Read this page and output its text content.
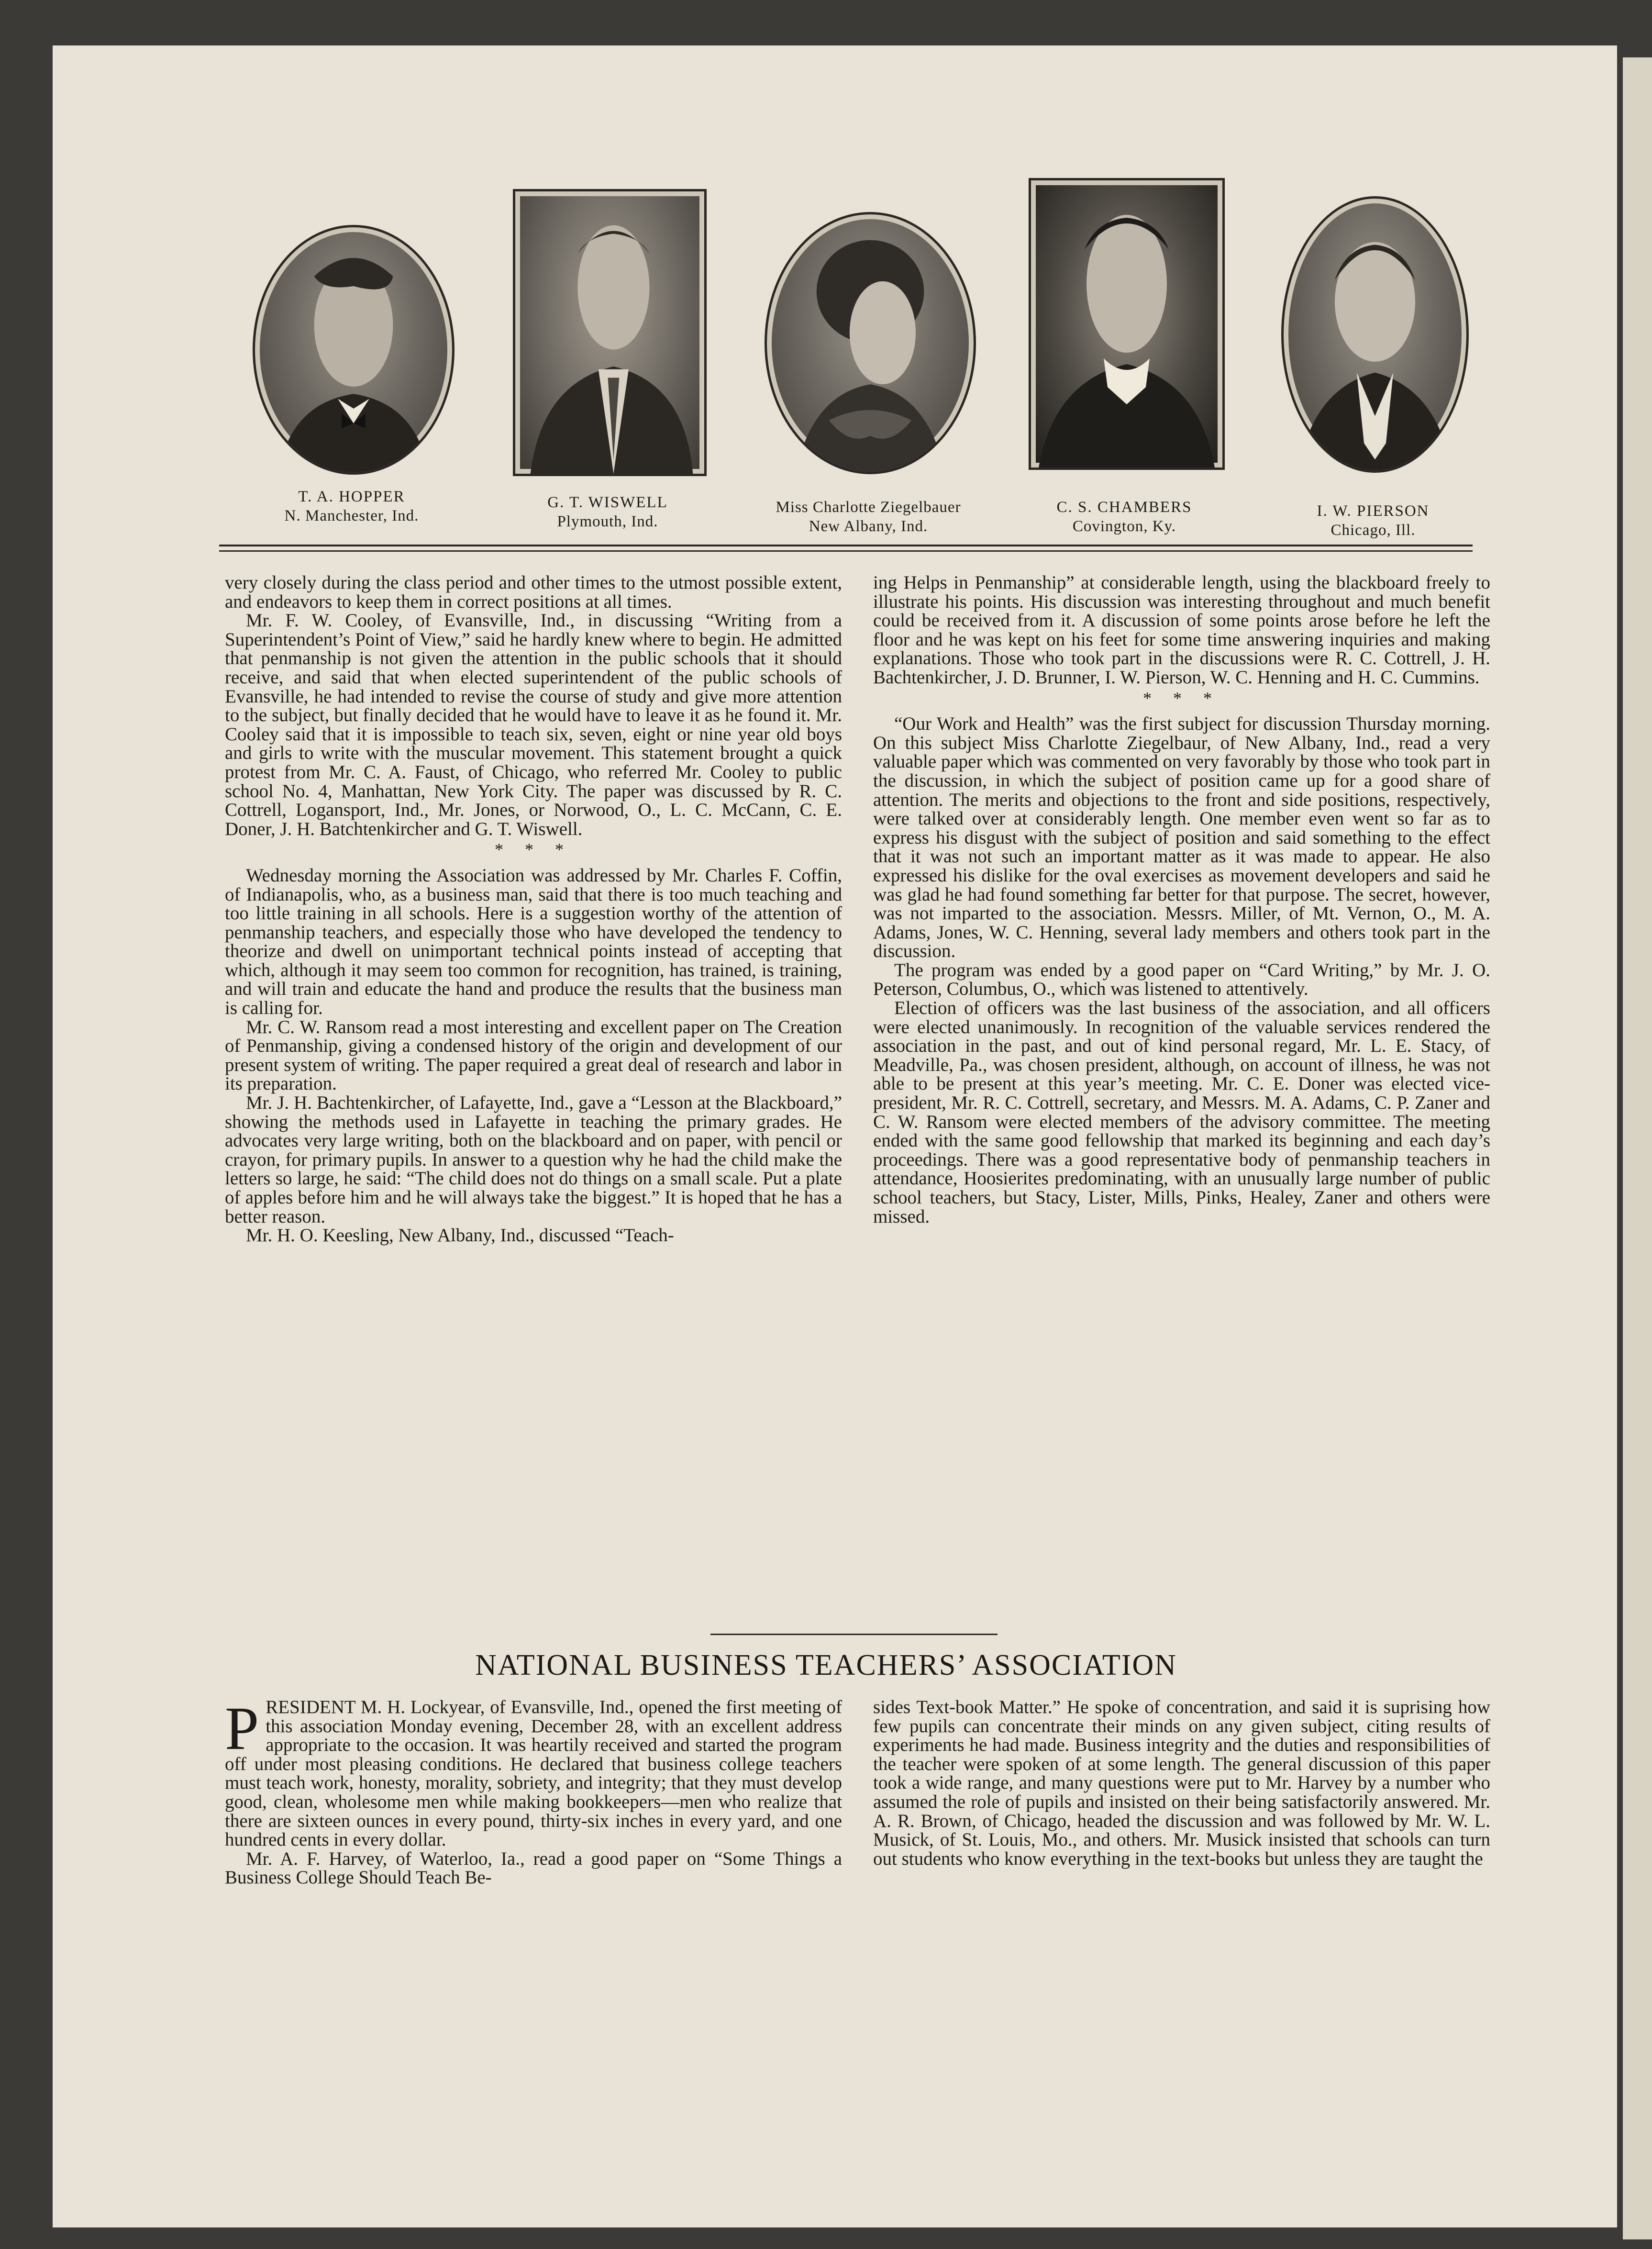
T. A. HOPPER
N. Manchester, Ind.
G. T. WISWELL
Plymouth, Ind.
Miss Charlotte Ziegelbauer
New Albany, Ind.
C. S. CHAMBERS
Covington, Ky.
I. W. PIERSON
Chicago, Ill.

very closely during the class period and other times to the utmost possible extent, and endeavors to keep them in correct positions at all times.

Mr. F. W. Cooley, of Evansville, Ind., in discussing “Writing from a Superintendent’s Point of View,” said he hardly knew where to begin. He admitted that penmanship is not given the attention in the public schools that it should receive, and said that when elected superintendent of the public schools of Evansville, he had intended to revise the course of study and give more attention to the subject, but finally decided that he would have to leave it as he found it. Mr. Cooley said that it is impossible to teach six, seven, eight or nine year old boys and girls to write with the muscular movement. This statement brought a quick protest from Mr. C. A. Faust, of Chicago, who referred Mr. Cooley to public school No. 4, Manhattan, New York City. The paper was discussed by R. C. Cottrell, Logansport, Ind., Mr. Jones, or Norwood, O., L. C. McCann, C. E. Doner, J. H. Batchtenkircher and G. T. Wiswell.

* * *

Wednesday morning the Association was addressed by Mr. Charles F. Coffin, of Indianapolis, who, as a business man, said that there is too much teaching and too little training in all schools. Here is a suggestion worthy of the attention of penmanship teachers, and especially those who have developed the tendency to theorize and dwell on unimportant technical points instead of accepting that which, although it may seem too common for recognition, has trained, is training, and will train and educate the hand and produce the results that the business man is calling for.

Mr. C. W. Ransom read a most interesting and excellent paper on The Creation of Penmanship, giving a condensed history of the origin and development of our present system of writing. The paper required a great deal of research and labor in its preparation.

Mr. J. H. Bachtenkircher, of Lafayette, Ind., gave a “Lesson at the Blackboard,” showing the methods used in Lafayette in teaching the primary grades. He advocates very large writing, both on the blackboard and on paper, with pencil or crayon, for primary pupils. In answer to a question why he had the child make the letters so large, he said: “The child does not do things on a small scale. Put a plate of apples before him and he will always take the biggest.” It is hoped that he has a better reason.

Mr. H. O. Keesling, New Albany, Ind., discussed “Teach-

ing Helps in Penmanship” at considerable length, using the blackboard freely to illustrate his points. His discussion was interesting throughout and much benefit could be received from it. A discussion of some points arose before he left the floor and he was kept on his feet for some time answering inquiries and making explanations. Those who took part in the discussions were R. C. Cottrell, J. H. Bachtenkircher, J. D. Brunner, I. W. Pierson, W. C. Henning and H. C. Cummins.

* * *

“Our Work and Health” was the first subject for discussion Thursday morning. On this subject Miss Charlotte Ziegelbaur, of New Albany, Ind., read a very valuable paper which was commented on very favorably by those who took part in the discussion, in which the subject of position came up for a good share of attention. The merits and objections to the front and side positions, respectively, were talked over at considerably length. One member even went so far as to express his disgust with the subject of position and said something to the effect that it was not such an important matter as it was made to appear. He also expressed his dislike for the oval exercises as movement developers and said he was glad he had found something far better for that purpose. The secret, however, was not imparted to the association. Messrs. Miller, of Mt. Vernon, O., M. A. Adams, Jones, W. C. Henning, several lady members and others took part in the discussion.

The program was ended by a good paper on “Card Writing,” by Mr. J. O. Peterson, Columbus, O., which was listened to attentively.

Election of officers was the last business of the association, and all officers were elected unanimously. In recognition of the valuable services rendered the association in the past, and out of kind personal regard, Mr. L. E. Stacy, of Meadville, Pa., was chosen president, although, on account of illness, he was not able to be present at this year’s meeting. Mr. C. E. Doner was elected vice-president, Mr. R. C. Cottrell, secretary, and Messrs. M. A. Adams, C. P. Zaner and C. W. Ransom were elected members of the advisory committee. The meeting ended with the same good fellowship that marked its beginning and each day’s proceedings. There was a good representative body of penmanship teachers in attendance, Hoosierites predominating, with an unusually large number of public school teachers, but Stacy, Lister, Mills, Pinks, Healey, Zaner and others were missed.

NATIONAL BUSINESS TEACHERS’ ASSOCIATION

PRESIDENT M. H. Lockyear, of Evansville, Ind., opened the first meeting of this association Monday evening, December 28, with an excellent address appropriate to the occasion. It was heartily received and started the program off under most pleasing conditions. He declared that business college teachers must teach work, honesty, morality, sobriety, and integrity; that they must develop good, clean, wholesome men while making bookkeepers—men who realize that there are sixteen ounces in every pound, thirty-six inches in every yard, and one hundred cents in every dollar.

Mr. A. F. Harvey, of Waterloo, Ia., read a good paper on “Some Things a Business College Should Teach Be-

sides Text-book Matter.” He spoke of concentration, and said it is suprising how few pupils can concentrate their minds on any given subject, citing results of experiments he had made. Business integrity and the duties and responsibilities of the teacher were spoken of at some length. The general discussion of this paper took a wide range, and many questions were put to Mr. Harvey by a number who assumed the role of pupils and insisted on their being satisfactorily answered. Mr. A. R. Brown, of Chicago, headed the discussion and was followed by Mr. W. L. Musick, of St. Louis, Mo., and others. Mr. Musick insisted that schools can turn out students who know everything in the text-books but unless they are taught the
